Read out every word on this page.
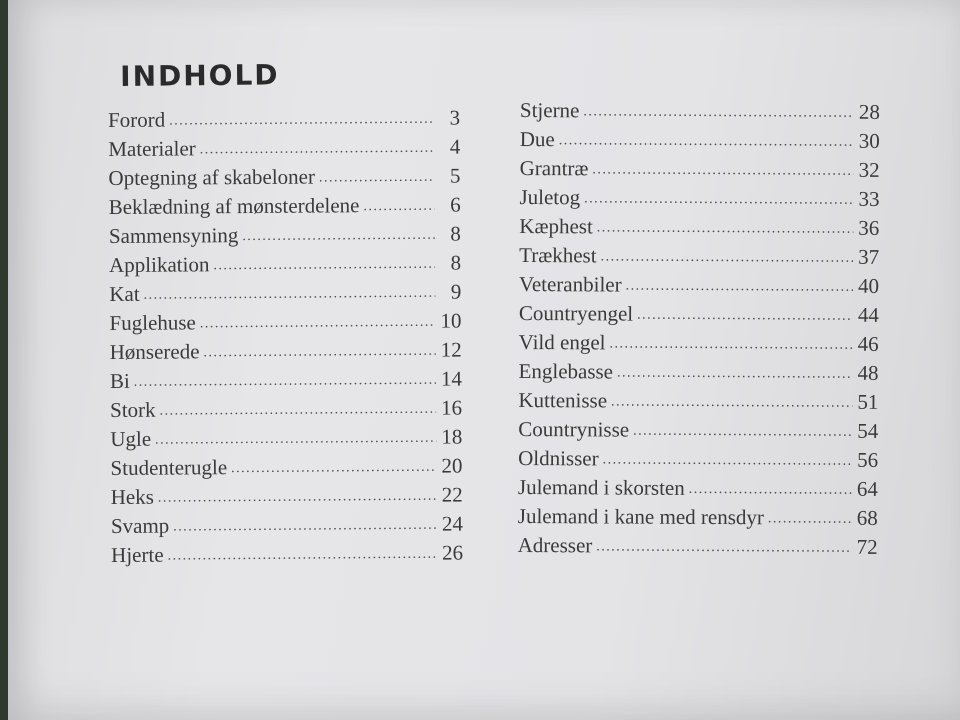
INDHOLD
Forord .....	3
Materialer .....	4
Optegning af skabeloner .....	5
Beklædning af mønsterdelene .....	6
Sammensyning .....	8
Applikation .....	8
Kat .....	9
Fuglehuse .....	10
Hønserede .....	12
Bi .....	14
Stork .....	16
Ugle .....	18
Studenterugle .....	20
Heks .....	22
Svamp .....	24
Hjerte .....	26
Stjerne .....	28
Due .....	30
Grantræ .....	32
Juletog .....	33
Kæphest .....	36
Trækhest .....	37
Veteranbiler .....	40
Countryengel .....	44
Vild engel .....	46
Englebasse .....	48
Kuttenisse .....	51
Countrynisse .....	54
Oldnisser .....	56
Julemand i skorsten .....	64
Julemand i kane med rensdyr .....	68
Adresser .....	72
